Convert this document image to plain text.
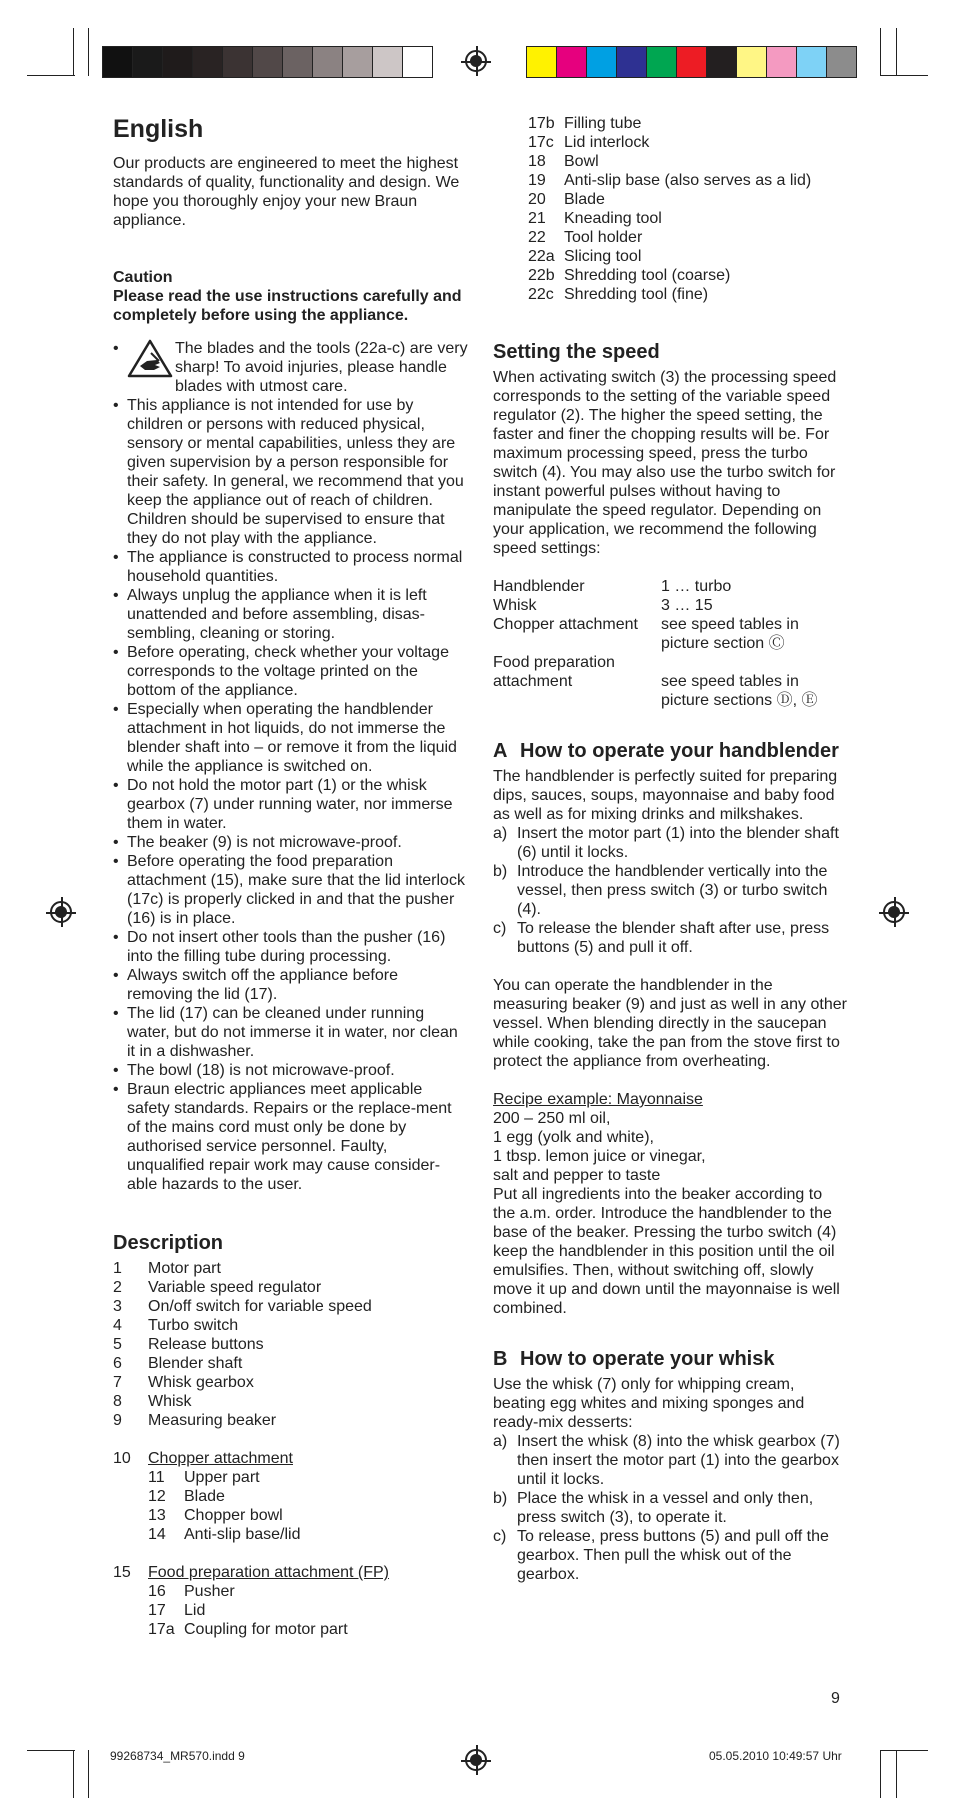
English

Our products are engineered to meet the highest standards of quality, functionality and design. We hope you thoroughly enjoy your new Braun appliance.

Caution

Please read the use instructions carefully and completely before using the appliance.

• The blades and the tools (22a-c) are very sharp! To avoid injuries, please handle blades with utmost care.
• This appliance is not intended for use by children or persons with reduced physical, sensory or mental capabilities, unless they are given supervision by a person responsible for their safety. In general, we recommend that you keep the appliance out of reach of children. Children should be supervised to ensure that they do not play with the appliance.
• The appliance is constructed to process normal household quantities.
• Always unplug the appliance when it is left unattended and before assembling, disas-sembling, cleaning or storing.
• Before operating, check whether your voltage corresponds to the voltage printed on the bottom of the appliance.
• Especially when operating the handblender attachment in hot liquids, do not immerse the blender shaft into – or remove it from the liquid while the appliance is switched on.
• Do not hold the motor part (1) or the whisk gearbox (7) under running water, nor immerse them in water.
• The beaker (9) is not microwave-proof.
• Before operating the food preparation attachment (15), make sure that the lid interlock (17c) is properly clicked in and that the pusher (16) is in place.
• Do not insert other tools than the pusher (16) into the filling tube during processing.
• Always switch off the appliance before removing the lid (17).
• The lid (17) can be cleaned under running water, but do not immerse it in water, nor clean it in a dishwasher.
• The bowl (18) is not microwave-proof.
• Braun electric appliances meet applicable safety standards. Repairs or the replace-ment of the mains cord must only be done by authorised service personnel. Faulty, unqualified repair work may cause consider-able hazards to the user.
Description
1	Motor part
2	Variable speed regulator
3	On/off switch for variable speed
4	Turbo switch
5	Release buttons
6	Blender shaft
7	Whisk gearbox
8	Whisk
9	Measuring beaker
10	Chopper attachment
11	Upper part
12	Blade
13	Chopper bowl
14	Anti-slip base/lid
15	Food preparation attachment (FP)
16	Pusher
17	Lid
17a Coupling for motor part
17b Filling tube
17c Lid interlock
18	Bowl
19	Anti-slip base (also serves as a lid)
20	Blade
21	Kneading tool
22	Tool holder
22a Slicing tool
22b Shredding tool (coarse)
22c Shredding tool (fine)
Setting the speed

When activating switch (3) the processing speed corresponds to the setting of the variable speed regulator (2). The higher the speed setting, the faster and finer the chopping results will be. For maximum processing speed, press the turbo switch (4). You may also use the turbo switch for instant powerful pulses without having to manipulate the speed regulator. Depending on your application, we recommend the following speed settings:

Handblender	1 … turbo
Whisk	3 … 15
Chopper attachment	see speed tables in picture section Ⓒ
Food preparation attachment	see speed tables in picture sections Ⓓ, Ⓔ
A How to operate your handblender

The handblender is perfectly suited for preparing dips, sauces, soups, mayonnaise and baby food as well as for mixing drinks and milkshakes.

a) Insert the motor part (1) into the blender shaft (6) until it locks.
b) Introduce the handblender vertically into the vessel, then press switch (3) or turbo switch (4).
c) To release the blender shaft after use, press buttons (5) and pull it off.

You can operate the handblender in the measuring beaker (9) and just as well in any other vessel. When blending directly in the saucepan while cooking, take the pan from the stove first to protect the appliance from overheating.

Recipe example: Mayonnaise

200 – 250 ml oil,

1 egg (yolk and white),

1 tbsp. lemon juice or vinegar,

salt and pepper to taste

Put all ingredients into the beaker according to the a.m. order. Introduce the handblender to the base of the beaker. Pressing the turbo switch (4) keep the handblender in this position until the oil emulsifies. Then, without switching off, slowly move it up and down until the mayonnaise is well combined.

B How to operate your whisk

Use the whisk (7) only for whipping cream, beating egg whites and mixing sponges and ready-mix desserts:

a) Insert the whisk (8) into the whisk gearbox (7) then insert the motor part (1) into the gearbox until it locks.
b) Place the whisk in a vessel and only then, press switch (3), to operate it.
c) To release, press buttons (5) and pull off the gearbox. Then pull the whisk out of the gearbox.
9
99268734_MR570.indd 9	05.05.2010 10:49:57 Uhr
